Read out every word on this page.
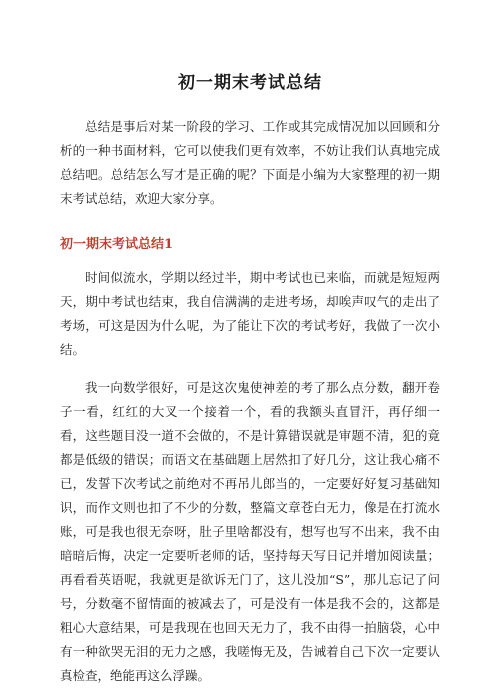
初一期末考试总结

总结是事后对某一阶段的学习、工作或其完成情况加以回顾和分析的一种书面材料，它可以使我们更有效率，不妨让我们认真地完成总结吧。总结怎么写才是正确的呢？下面是小编为大家整理的初一期末考试总结，欢迎大家分享。

初一期末考试总结1

时间似流水，学期以经过半，期中考试也已来临，而就是短短两天，期中考试也结束，我自信满满的走进考场，却唉声叹气的走出了考场，可这是因为什么呢，为了能让下次的考试考好，我做了一次小结。

我一向数学很好，可是这次鬼使神差的考了那么点分数，翻开卷子一看，红红的大叉一个接着一个，看的我额头直冒汗，再仔细一看，这些题目没一道不会做的，不是计算错误就是审题不清，犯的竟都是低级的错误；而语文在基础题上居然扣了好几分，这让我心痛不已，发誓下次考试之前绝对不再吊儿郎当的，一定要好好复习基础知识，而作文则也扣了不少的分数，整篇文章苍白无力，像是在打流水账，可是我也很无奈呀，肚子里啥都没有，想写也写不出来，我不由暗暗后悔，决定一定要听老师的话，坚持每天写日记并增加阅读量；再看看英语呢，我就更是欲诉无门了，这儿没加“S”，那儿忘记了问号，分数毫不留情面的被减去了，可是没有一体是我不会的，这都是粗心大意结果，可是我现在也回天无力了，我不由得一拍脑袋，心中有一种欲哭无泪的无力之感，我嗟悔无及，告诫着自己下次一定要认真检查，绝能再这么浮躁。
